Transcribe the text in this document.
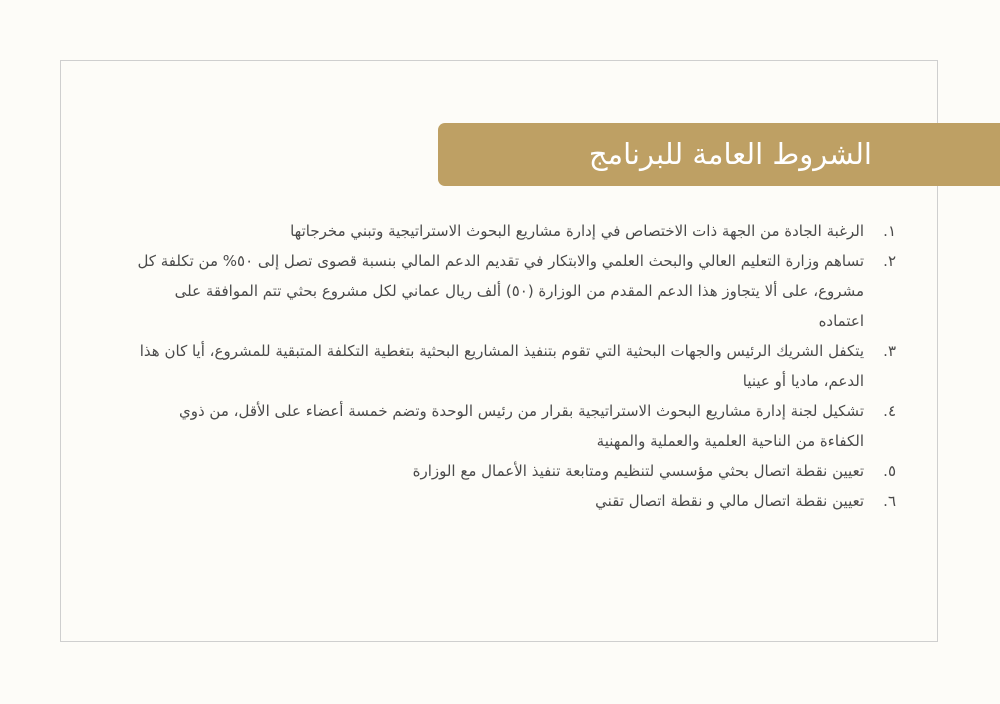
الشروط العامة للبرنامج
١.
الرغبة الجادة من الجهة ذات الاختصاص في إدارة مشاريع البحوث الاستراتيجية وتبني مخرجاتها
٢.
تساهم وزارة التعليم العالي والبحث العلمي والابتكار في تقديم الدعم المالي بنسبة قصوى تصل إلى ٥٠% من تكلفة كل مشروع، على ألا يتجاوز هذا الدعم المقدم من الوزارة (٥٠) ألف ريال عماني لكل مشروع بحثي تتم الموافقة على اعتماده
٣.
يتكفل الشريك الرئيس والجهات البحثية التي تقوم بتنفيذ المشاريع البحثية بتغطية التكلفة المتبقية للمشروع، أيا كان هذا الدعم، ماديا أو عينيا
٤.
تشكيل لجنة إدارة مشاريع البحوث الاستراتيجية بقرار من رئيس الوحدة وتضم خمسة أعضاء على الأقل، من ذوي الكفاءة من الناحية العلمية والعملية والمهنية
٥.
تعيين نقطة اتصال بحثي مؤسسي لتنظيم ومتابعة تنفيذ الأعمال مع الوزارة
٦.
تعيين نقطة اتصال مالي و نقطة اتصال تقني
